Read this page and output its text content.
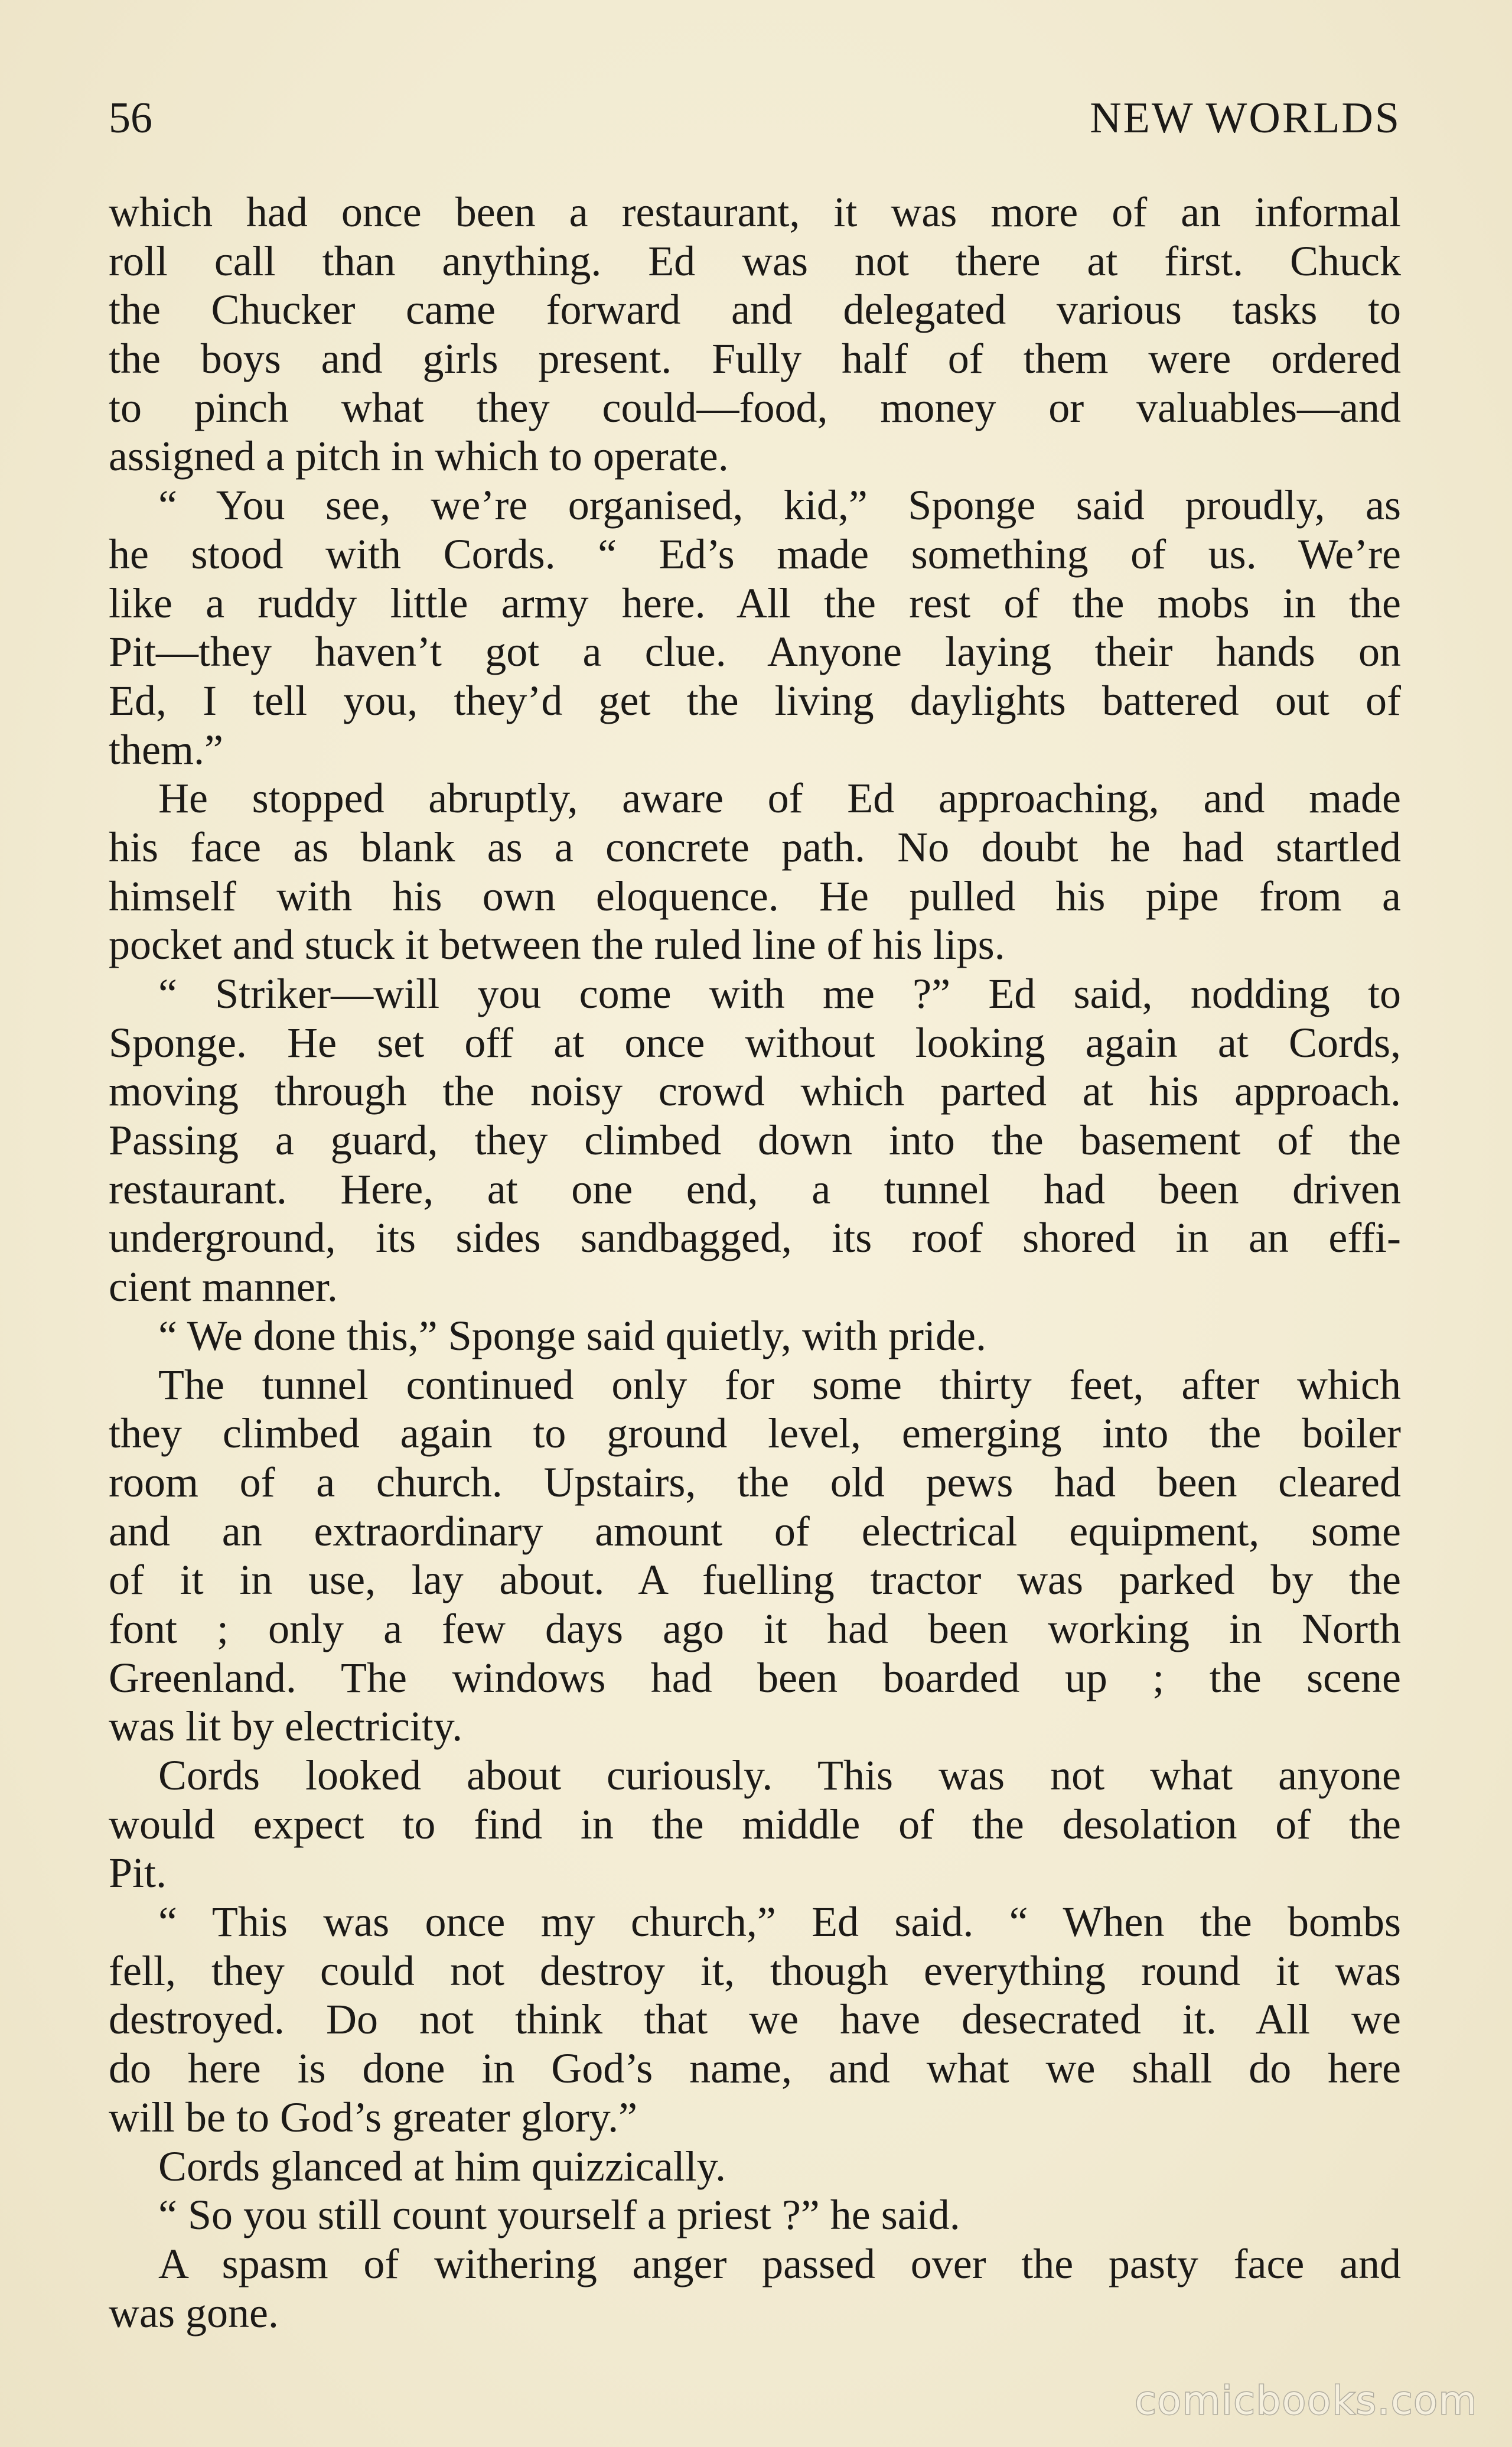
56	NEW WORLDS
which had once been a restaurant, it was more of an informal
roll call than anything. Ed was not there at first. Chuck
the Chucker came forward and delegated various tasks to
the boys and girls present. Fully half of them were ordered
to pinch what they could—food, money or valuables—and
assigned a pitch in which to operate.
“ You see, we’re organised, kid,” Sponge said proudly, as
he stood with Cords. “ Ed’s made something of us. We’re
like a ruddy little army here. All the rest of the mobs in the
Pit—they haven’t got a clue. Anyone laying their hands on
Ed, I tell you, they’d get the living daylights battered out of
them.”
He stopped abruptly, aware of Ed approaching, and made
his face as blank as a concrete path. No doubt he had startled
himself with his own eloquence. He pulled his pipe from a
pocket and stuck it between the ruled line of his lips.
“ Striker—will you come with me ?” Ed said, nodding to
Sponge. He set off at once without looking again at Cords,
moving through the noisy crowd which parted at his approach.
Passing a guard, they climbed down into the basement of the
restaurant. Here, at one end, a tunnel had been driven
underground, its sides sandbagged, its roof shored in an effi-
cient manner.
“ We done this,” Sponge said quietly, with pride.
The tunnel continued only for some thirty feet, after which
they climbed again to ground level, emerging into the boiler
room of a church. Upstairs, the old pews had been cleared
and an extraordinary amount of electrical equipment, some
of it in use, lay about. A fuelling tractor was parked by the
font ; only a few days ago it had been working in North
Greenland. The windows had been boarded up ; the scene
was lit by electricity.
Cords looked about curiously. This was not what anyone
would expect to find in the middle of the desolation of the
Pit.
“ This was once my church,” Ed said. “ When the bombs
fell, they could not destroy it, though everything round it was
destroyed. Do not think that we have desecrated it. All we
do here is done in God’s name, and what we shall do here
will be to God’s greater glory.”
Cords glanced at him quizzically.
“ So you still count yourself a priest ?” he said.
A spasm of withering anger passed over the pasty face and
was gone.
comicbooks.com
